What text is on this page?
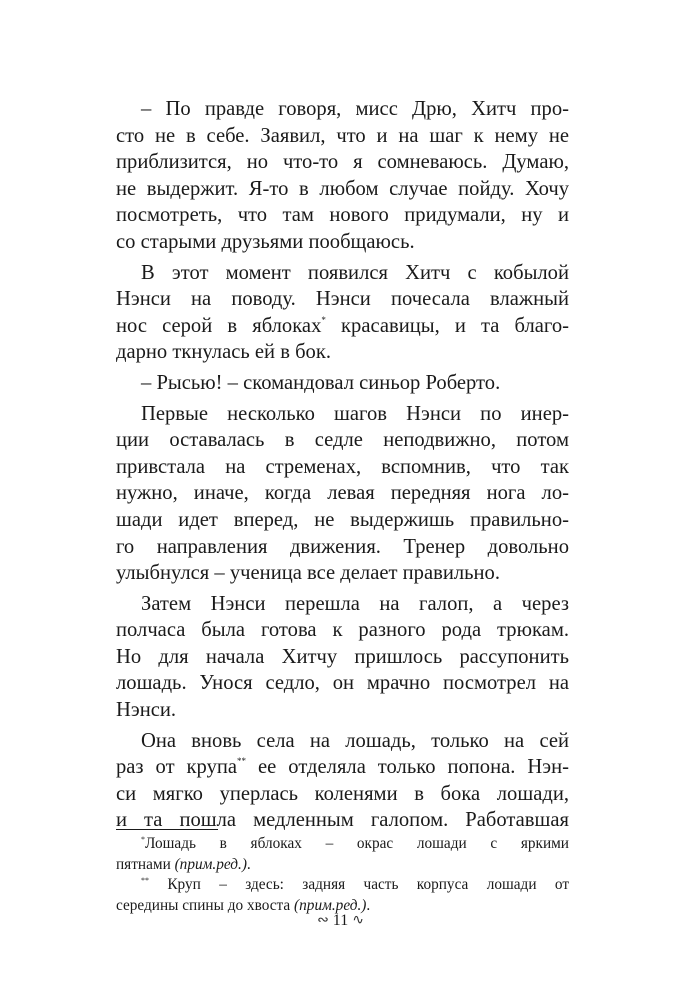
– По правде говоря, мисс Дрю, Хитч про-
сто не в себе. Заявил, что и на шаг к нему не
приблизится, но что-то я сомневаюсь. Думаю,
не выдержит. Я-то в любом случае пойду. Хочу
посмотреть, что там нового придумали, ну и
со старыми друзьями пообщаюсь.
В этот момент появился Хитч с кобылой
Нэнси на поводу. Нэнси почесала влажный
нос серой в яблоках* красавицы, и та благо-
дарно ткнулась ей в бок.
– Рысью! – скомандовал синьор Роберто.
Первые несколько шагов Нэнси по инер-
ции оставалась в седле неподвижно, потом
привстала на стременах, вспомнив, что так
нужно, иначе, когда левая передняя нога ло-
шади идет вперед, не выдержишь правильно-
го направления движения. Тренер довольно
улыбнулся – ученица все делает правильно.
Затем Нэнси перешла на галоп, а через
полчаса была готова к разного рода трюкам.
Но для начала Хитчу пришлось рассупонить
лошадь. Унося седло, он мрачно посмотрел на
Нэнси.
Она вновь села на лошадь, только на сей
раз от крупа** ее отделяла только попона. Нэн-
си мягко уперлась коленями в бока лошади,
и та пошла медленным галопом. Работавшая
*Лошадь в яблоках – окрас лошади с яркими
пятнами (прим.ред.).
** Круп – здесь: задняя часть корпуса лошади от
середины спины до хвоста (прим.ред.).
∾ 11 ∿
